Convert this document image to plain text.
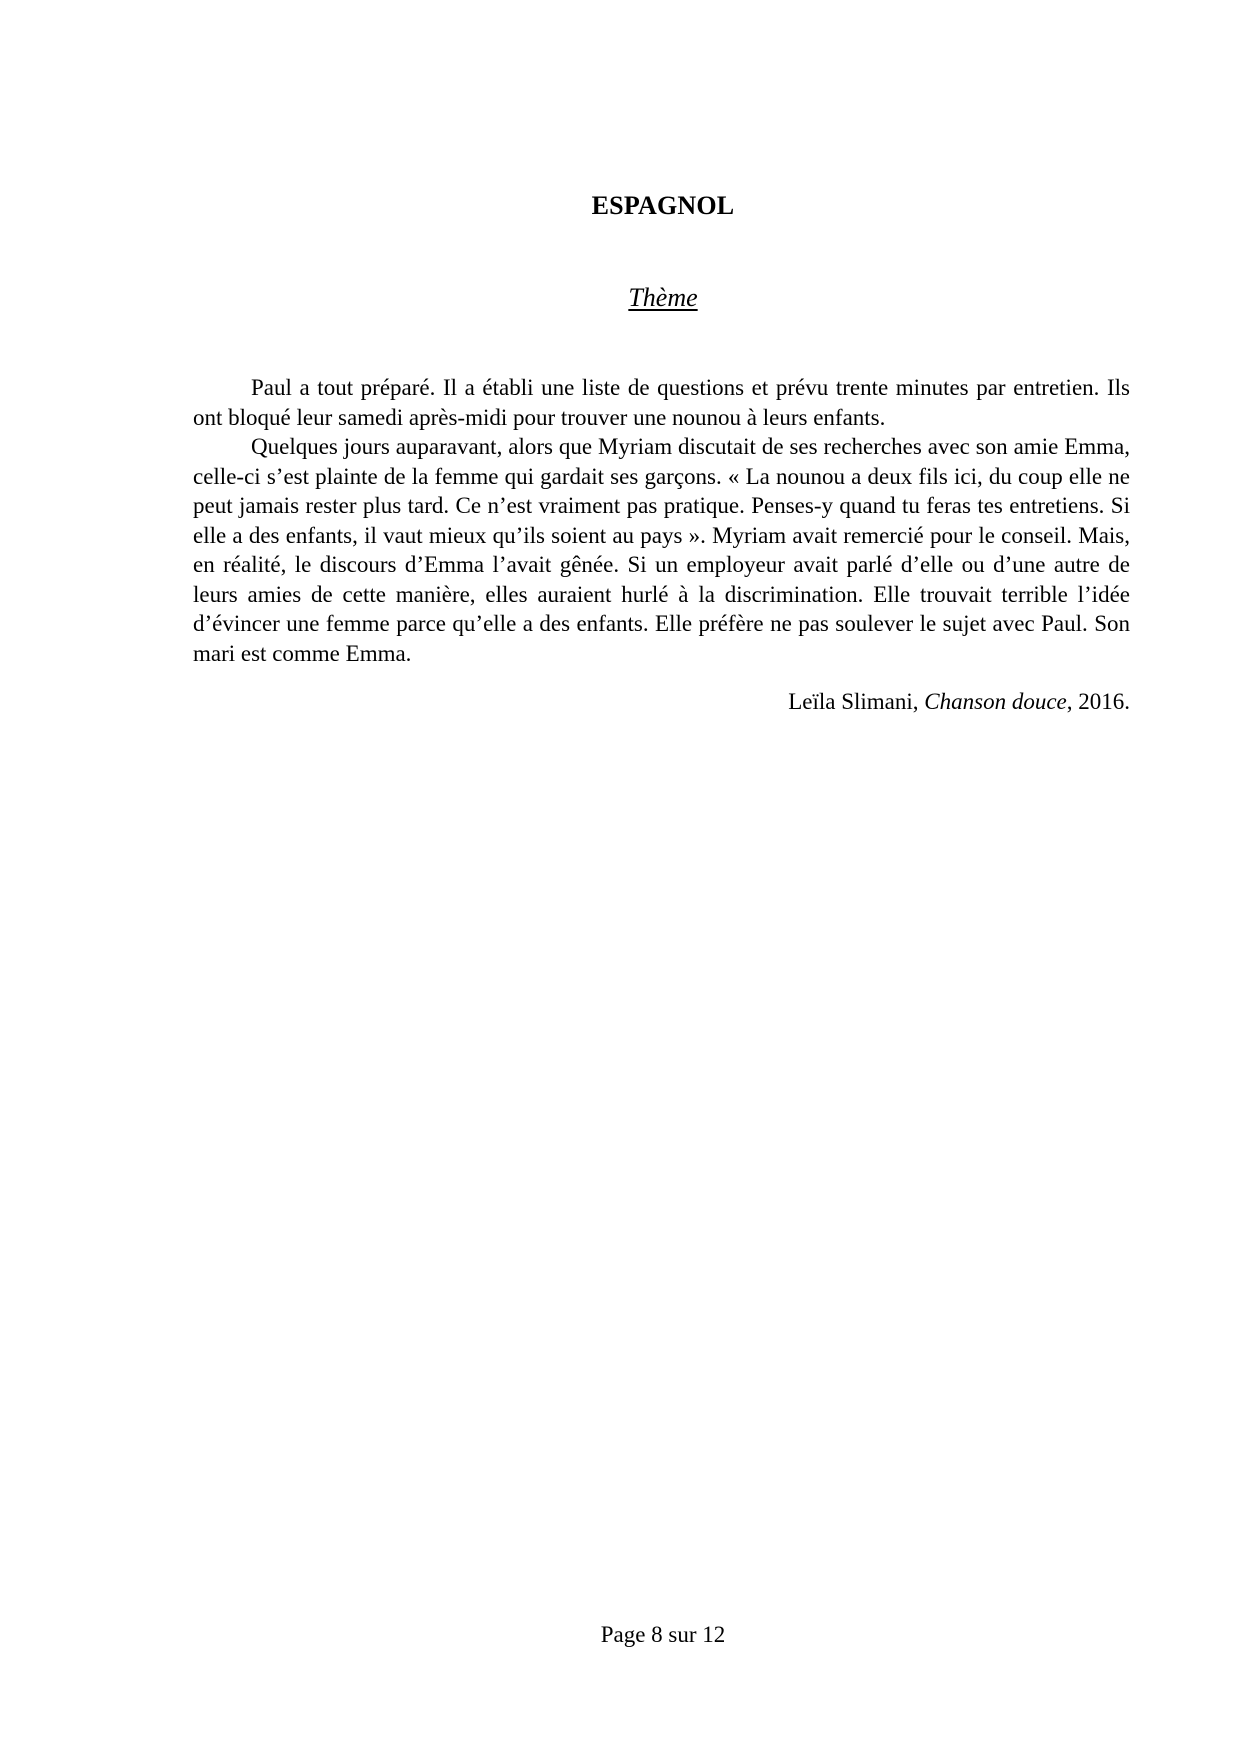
ESPAGNOL
Thème

Paul a tout préparé. Il a établi une liste de questions et prévu trente minutes par entretien. Ils ont bloqué leur samedi après-midi pour trouver une nounou à leurs enfants.

Quelques jours auparavant, alors que Myriam discutait de ses recherches avec son amie Emma, celle-ci s’est plainte de la femme qui gardait ses garçons. « La nounou a deux fils ici, du coup elle ne peut jamais rester plus tard. Ce n’est vraiment pas pratique. Penses-y quand tu feras tes entretiens. Si elle a des enfants, il vaut mieux qu’ils soient au pays ». Myriam avait remercié pour le conseil. Mais, en réalité, le discours d’Emma l’avait gênée. Si un employeur avait parlé d’elle ou d’une autre de leurs amies de cette manière, elles auraient hurlé à la discrimination. Elle trouvait terrible l’idée d’évincer une femme parce qu’elle a des enfants. Elle préfère ne pas soulever le sujet avec Paul. Son mari est comme Emma.

Leïla Slimani, Chanson douce, 2016.
Page 8 sur 12
